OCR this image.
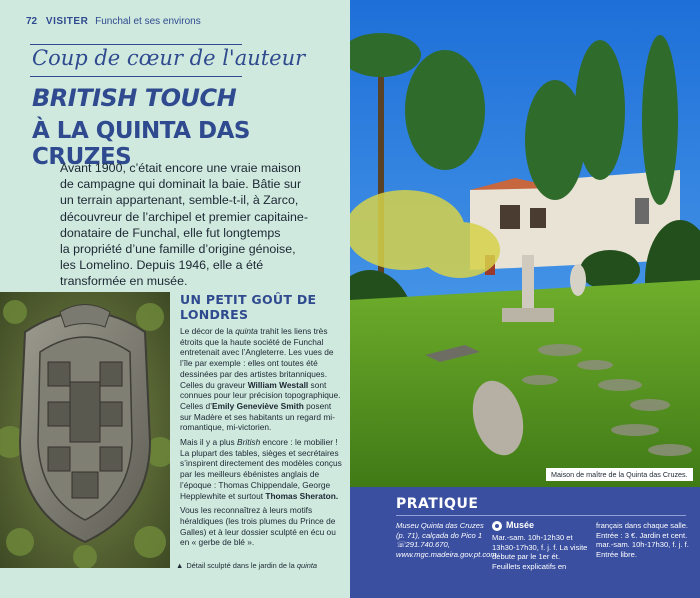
72 VISITER Funchal et ses environs
Coup de cœur de l'auteur
BRITISH TOUCH
À LA QUINTA DAS CRUZES
Avant 1900, c’était encore une vraie maison
de campagne qui dominait la baie. Bâtie sur
un terrain appartenant, semble-t-il, à Zarco,
découvreur de l’archipel et premier capitaine-
donataire de Funchal, elle fut longtemps
la propriété d’une famille d’origine génoise,
les Lomelino. Depuis 1946, elle a été
transformée en musée.
▲ Détail sculpté dans le jardin de la quinta
UN PETIT GOÛT DE LONDRES

Le décor de la quinta trahit les liens très étroits que la haute société de Funchal entretenait avec l’Angleterre. Les vues de l’île par exemple : elles ont toutes été dessinées par des artistes britanniques. Celles du graveur William Westall sont connues pour leur précision topographique. Celles d’Emily Geneviève Smith posent sur Madère et ses habitants un regard mi-romantique, mi-victorien.

Mais il y a plus British encore : le mobilier ! La plupart des tables, sièges et secrétaires s’inspirent directement des modèles conçus par les meilleurs ébénistes anglais de l’époque : Thomas Chippendale, George Hepplewhite et surtout Thomas Sheraton.

Vous les reconnaîtrez à leurs motifs héraldiques (les trois plumes du Prince de Galles) et à leur dossier sculpté en écu ou en « gerbe de blé ».

Maison de maître de la Quinta das Cruzes.
PRATIQUE
Museu Quinta das Cruzes (p. 71), calçada do Pico 1
☏291.740.670, www.mgc.madeira.gov.pt.com.
Musée
Mar.-sam. 10h-12h30 et 13h30-17h30, f. j. f. La visite débute par le 1er ét. Feuillets explicatifs en
français dans chaque salle. Entrée : 3 €. Jardin et cent. mar.-sam. 10h-17h30, f. j. f. Entrée libre.
